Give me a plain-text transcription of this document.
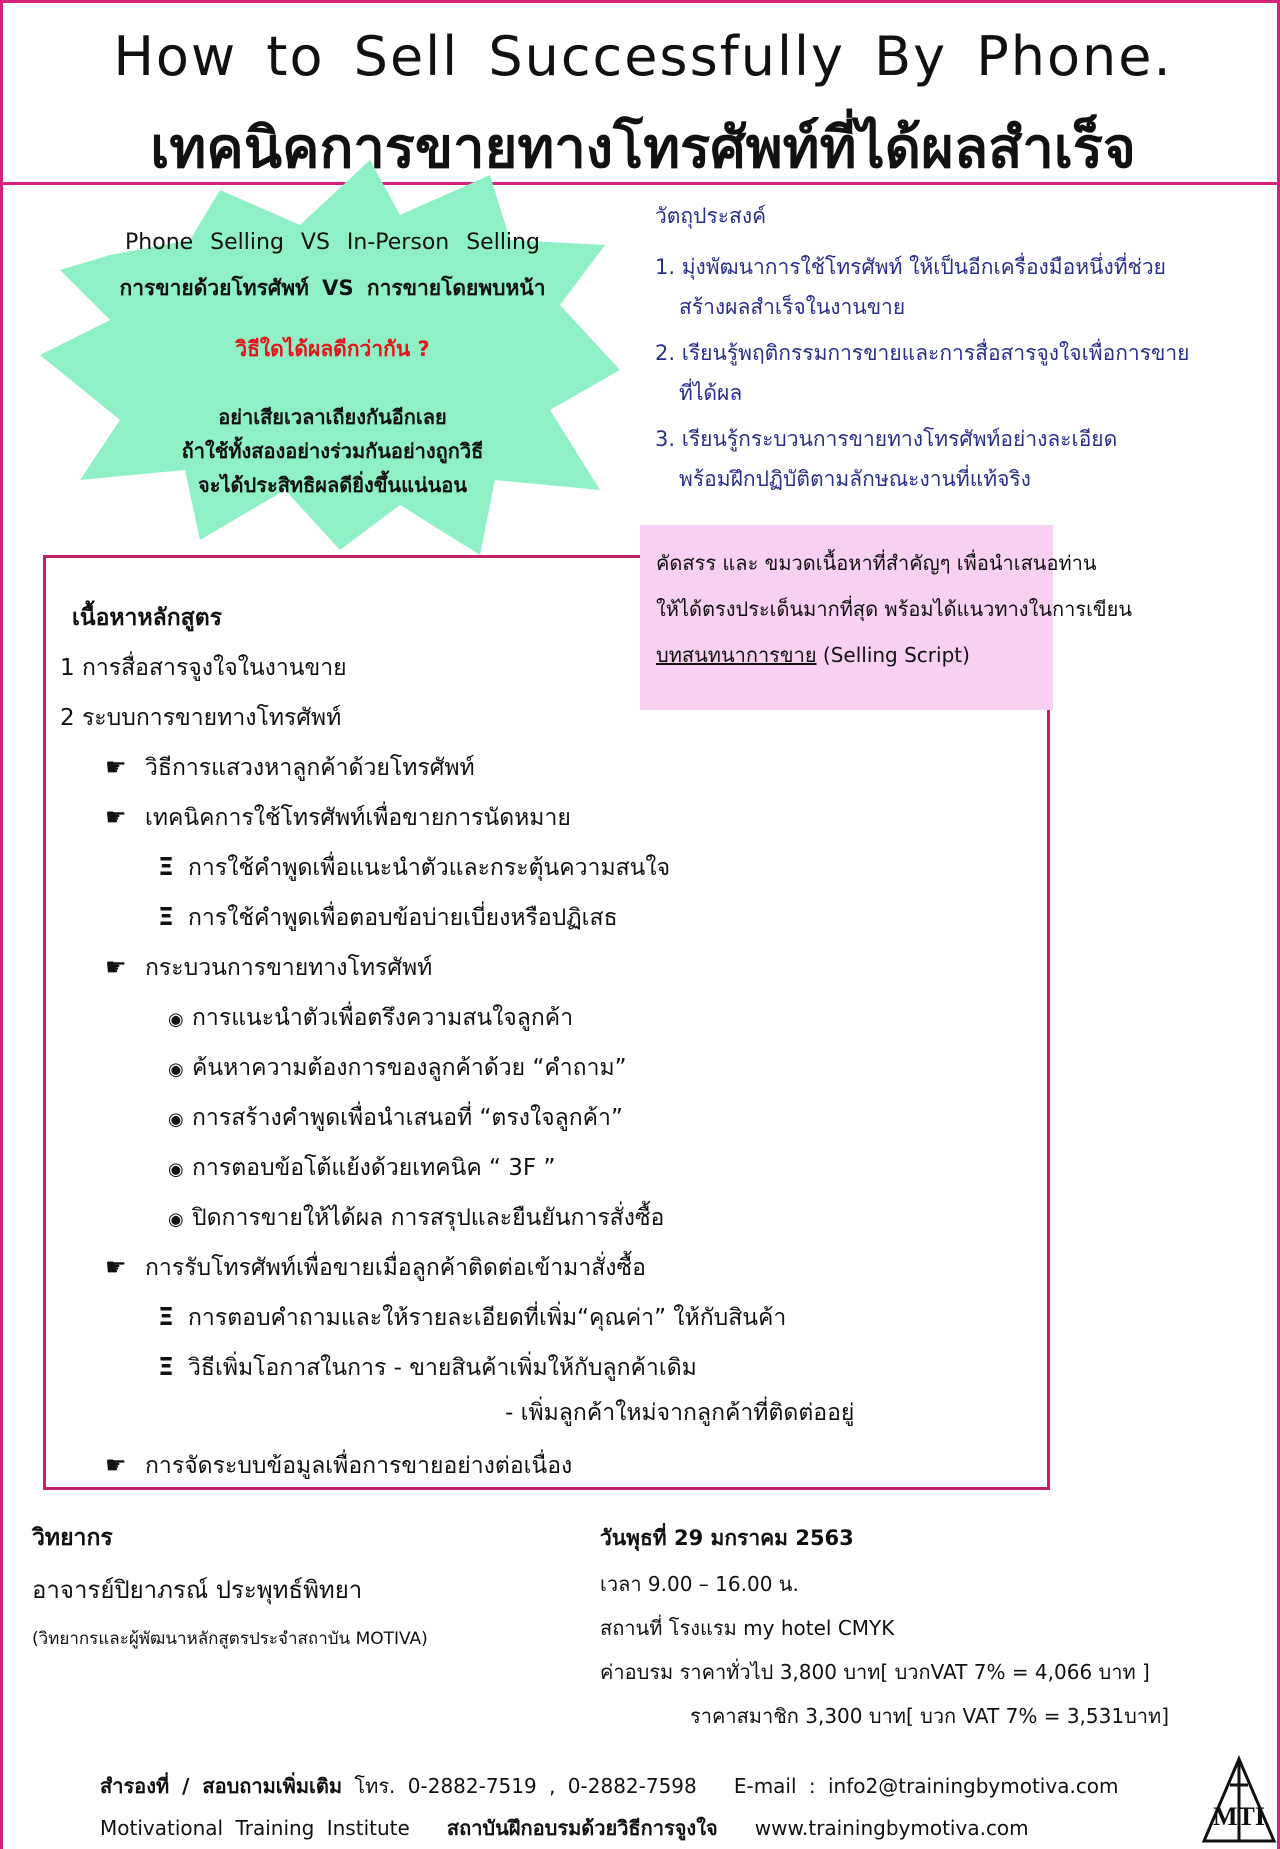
How to Sell Successfully By Phone.
เทคนิคการขายทางโทรศัพท์ที่ได้ผลสำเร็จ
Phone Selling VS In-Person Selling
การขายด้วยโทรศัพท์ VS การขายโดยพบหน้า
วิธีใดได้ผลดีกว่ากัน ?
อย่าเสียเวลาเถียงกันอีกเลย
ถ้าใช้ทั้งสองอย่างร่วมกันอย่างถูกวิธี
จะได้ประสิทธิผลดียิ่งขึ้นแน่นอน
วัตถุประสงค์
1. มุ่งพัฒนาการใช้โทรศัพท์ ให้เป็นอีกเครื่องมือหนึ่งที่ช่วย
สร้างผลสำเร็จในงานขาย
2. เรียนรู้พฤติกรรมการขายและการสื่อสารจูงใจเพื่อการขาย
ที่ได้ผล
3. เรียนรู้กระบวนการขายทางโทรศัพท์อย่างละเอียด
พร้อมฝึกปฏิบัติตามลักษณะงานที่แท้จริง
คัดสรร และ ขมวดเนื้อหาที่สำคัญๆ เพื่อนำเสนอท่าน
ให้ได้ตรงประเด็นมากที่สุด พร้อมได้แนวทางในการเขียน
บทสนทนาการขาย (Selling Script)
เนื้อหาหลักสูตร
1 การสื่อสารจูงใจในงานขาย
2 ระบบการขายทางโทรศัพท์
☛ วิธีการแสวงหาลูกค้าด้วยโทรศัพท์
☛ เทคนิคการใช้โทรศัพท์เพื่อขายการนัดหมาย
Ξ การใช้คำพูดเพื่อแนะนำตัวและกระตุ้นความสนใจ
Ξ การใช้คำพูดเพื่อตอบข้อบ่ายเบี่ยงหรือปฏิเสธ
☛ กระบวนการขายทางโทรศัพท์
◉ การแนะนำตัวเพื่อตรึงความสนใจลูกค้า
◉ ค้นหาความต้องการของลูกค้าด้วย “คำถาม”
◉ การสร้างคำพูดเพื่อนำเสนอที่ “ตรงใจลูกค้า”
◉ การตอบข้อโต้แย้งด้วยเทคนิค “ 3F ”
◉ ปิดการขายให้ได้ผล การสรุปและยืนยันการสั่งซื้อ
☛ การรับโทรศัพท์เพื่อขายเมื่อลูกค้าติดต่อเข้ามาสั่งซื้อ
Ξ การตอบคำถามและให้รายละเอียดที่เพิ่ม“คุณค่า” ให้กับสินค้า
Ξ วิธีเพิ่มโอกาสในการ - ขายสินค้าเพิ่มให้กับลูกค้าเดิม
- เพิ่มลูกค้าใหม่จากลูกค้าที่ติดต่ออยู่
☛ การจัดระบบข้อมูลเพื่อการขายอย่างต่อเนื่อง
วิทยากร
อาจารย์ปิยาภรณ์ ประพุทธ์พิทยา
(วิทยากรและผู้พัฒนาหลักสูตรประจำสถาบัน MOTIVA)
วันพุธที่ 29 มกราคม 2563
เวลา 9.00 – 16.00 น.
สถานที่ โรงแรม my hotel CMYK
ค่าอบรม ราคาทั่วไป 3,800 บาท[ บวกVAT 7% = 4,066 บาท ]
ราคาสมาชิก 3,300 บาท[ บวก VAT 7% = 3,531บาท]
สำรองที่ / สอบถามเพิ่มเติม โทร. 0-2882-7519 , 0-2882-7598 E-mail : info2@trainingbymotiva.com
Motivational Training Institute สถาบันฝึกอบรมด้วยวิธีการจูงใจ www.trainingbymotiva.com	MTI
